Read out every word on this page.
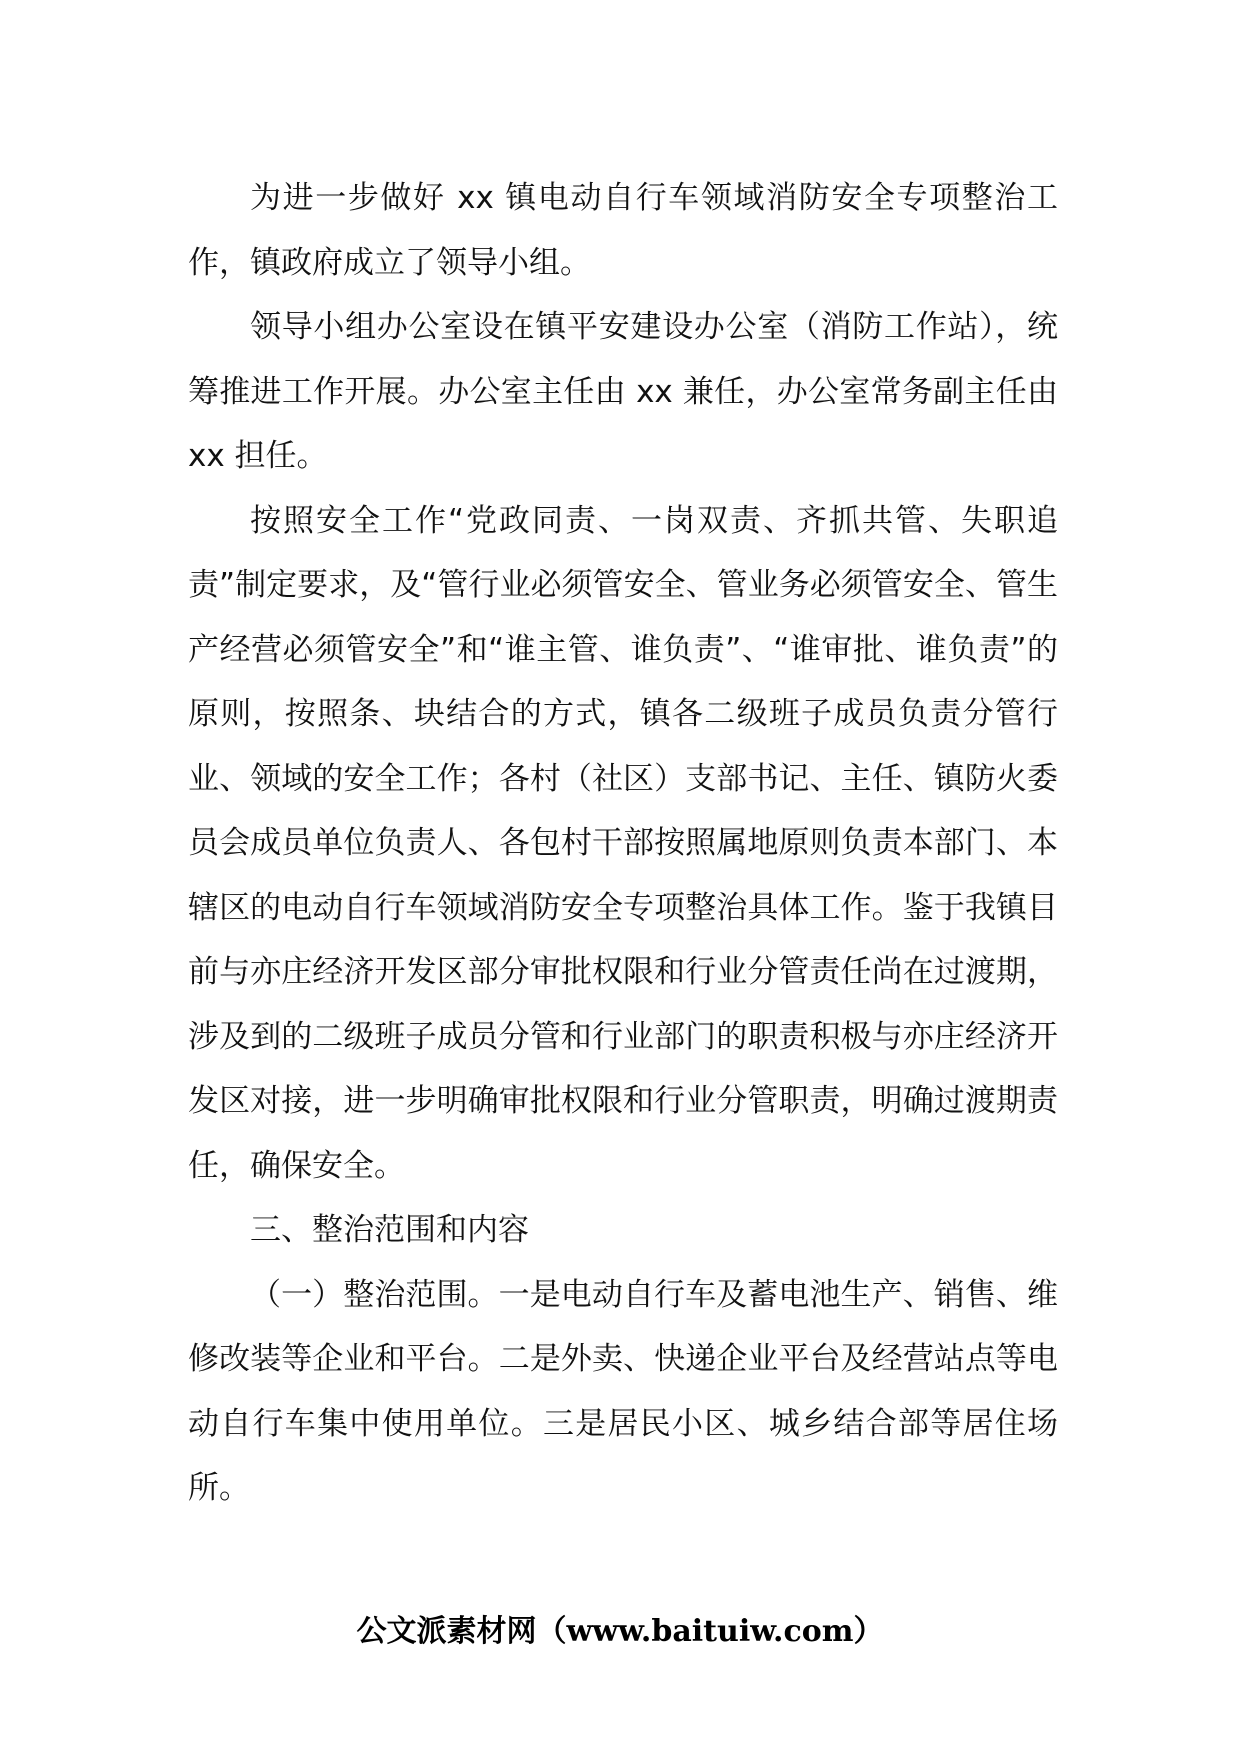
为进一步做好 xx 镇电动自行车领域消防安全专项整治工作，镇政府成立了领导小组。

领导小组办公室设在镇平安建设办公室（消防工作站），统筹推进工作开展。办公室主任由 xx 兼任，办公室常务副主任由 xx 担任。

按照安全工作“党政同责、一岗双责、齐抓共管、失职追责”制定要求，及“管行业必须管安全、管业务必须管安全、管生产经营必须管安全”和“谁主管、谁负责”、“谁审批、谁负责”的原则，按照条、块结合的方式，镇各二级班子成员负责分管行业、领域的安全工作；各村（社区）支部书记、主任、镇防火委员会成员单位负责人、各包村干部按照属地原则负责本部门、本辖区的电动自行车领域消防安全专项整治具体工作。鉴于我镇目前与亦庄经济开发区部分审批权限和行业分管责任尚在过渡期，涉及到的二级班子成员分管和行业部门的职责积极与亦庄经济开发区对接，进一步明确审批权限和行业分管职责，明确过渡期责任，确保安全。

三、整治范围和内容

（一）整治范围。一是电动自行车及蓄电池生产、销售、维修改装等企业和平台。二是外卖、快递企业平台及经营站点等电动自行车集中使用单位。三是居民小区、城乡结合部等居住场所。

公文派素材网（www.baituiw.com）
